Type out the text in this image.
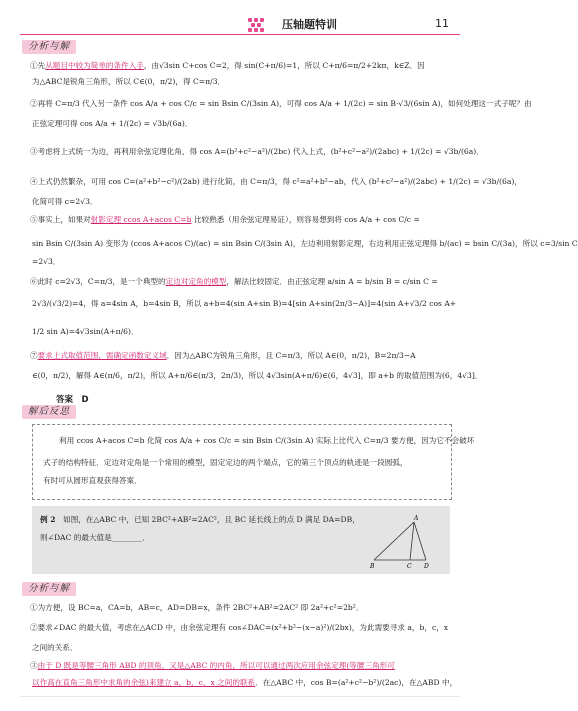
压轴题特训	11
分析与解
①先从题目中较为简单的条件入手，由√3sin C+cos C=2，得 sin(C+π/6)=1，所以 C+π/6=π/2+2kπ，k∈Z．因
为△ABC是锐角三角形，所以 C∈(0，π/2)，得 C=π/3．
②再将 C=π/3 代入另一条件 cos A/a + cos C/c = sin Bsin C/(3sin A)，可得 cos A/a + 1/(2c) = sin B·√3/(6sin A)，如何处理这一式子呢？由
正弦定理可得 cos A/a + 1/(2c) = √3b/(6a)．
③考虑将上式统一为边，再利用余弦定理化角，得 cos A=(b²+c²−a²)/(2bc) 代入上式，(b²+c²−a²)/(2abc) + 1/(2c) = √3b/(6a)．
④上式仍然繁杂，可用 cos C=(a²+b²−c²)/(2ab) 进行化简，由 C=π/3，得 c²=a²+b²−ab，代入 (b²+c²−a²)/(2abc) + 1/(2c) = √3b/(6a)，
化简可得 c=2√3．
⑤事实上，如果对射影定理 ccos A+acos C=b 比较熟悉（用余弦定理易证），则容易想到将 cos A/a + cos C/c =
sin Bsin C/(3sin A) 变形为 (ccos A+acos C)/(ac) = sin Bsin C/(3sin A)，左边利用射影定理，右边利用正弦定理得 b/(ac) = bsin C/(3a)，所以 c=3/sin C
=2√3．
⑥此时 c=2√3，C=π/3，是一个典型的定边对定角的模型，解法比较固定．由正弦定理 a/sin A = b/sin B = c/sin C =
2√3/(√3/2)=4，得 a=4sin A，b=4sin B，所以 a+b=4(sin A+sin B)=4[sin A+sin(2π/3−A)]=4(sin A+√3/2 cos A+
1/2 sin A)=4√3sin(A+π/6)．
⑦要求上式取值范围，需确定函数定义域．因为△ABC为锐角三角形，且 C=π/3，所以 A∈(0，π/2)，B=2π/3−A
∈(0，π/2)，解得 A∈(π/6，π/2)，所以 A+π/6∈(π/3，2π/3)，所以 4√3sin(A+π/6)∈(6，4√3]，即 a+b 的取值范围为(6，4√3]．
答案　D
解后反思
利用 ccos A+acos C=b 化简 cos A/a + cos C/c = sin Bsin C/(3sin A) 实际上比代入 C=π/3 要方便，因为它不会破坏
式子的结构特征．定边对定角是一个常用的模型，固定定边的两个端点，它的第三个顶点的轨迹是一段圆弧，
有时可从圆形直观获得答案．
例 2　如图，在△ABC 中，已知 2BC²+AB²=2AC²，且 BC 延长线上的点 D 满足 DA=DB，
则∠DAC 的最大值是________．
A
B	C D
分析与解
①为方便，设 BC=a，CA=b，AB=c，AD=DB=x，条件 2BC²+AB²=2AC² 即 2a²+c²=2b²．
②要求∠DAC 的最大值，考虑在△ACD 中，由余弦定理有 cos∠DAC=(x²+b²−(x−a)²)/(2bx)，为此需要寻求 a，b，c，x
之间的关系．
③由于 D 既是等腰三角形 ABD 的顶角，又是△ABC 的内角，所以可以通过两次应用余弦定理(等腰三角形可
以作高在直角三角形中求角的余弦)来建立 a，b，c，x 之间的联系．在△ABC 中，cos B=(a²+c²−b²)/(2ac)，在△ABD 中，
